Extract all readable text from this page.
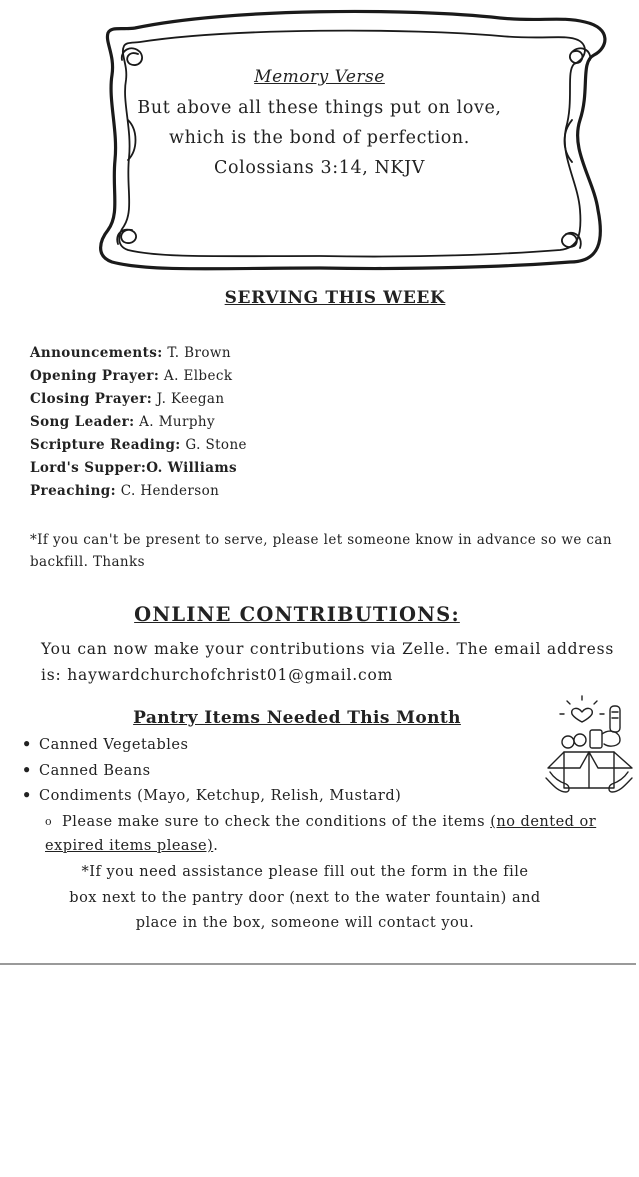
Memory Verse
But above all these things put on love,
which is the bond of perfection.
Colossians 3:14, NKJV
SERVING THIS WEEK
Announcements: T. Brown
Opening Prayer: A. Elbeck
Closing Prayer: J. Keegan
Song Leader: A. Murphy
Scripture Reading: G. Stone
Lord's Supper:O. Williams
Preaching: C. Henderson
*If you can't be present to serve, please let someone know in advance so we can backfill. Thanks
ONLINE CONTRIBUTIONS:
You can now make your contributions via Zelle. The email address is: haywardchurchofchrist01@gmail.com
Pantry Items Needed This Month
• Canned Vegetables
• Canned Beans
• Condiments (Mayo, Ketchup, Relish, Mustard)
o Please make sure to check the conditions of the items (no dented or expired items please).
*If you need assistance please fill out the form in the file
box next to the pantry door (next to the water fountain) and
place in the box, someone will contact you.
